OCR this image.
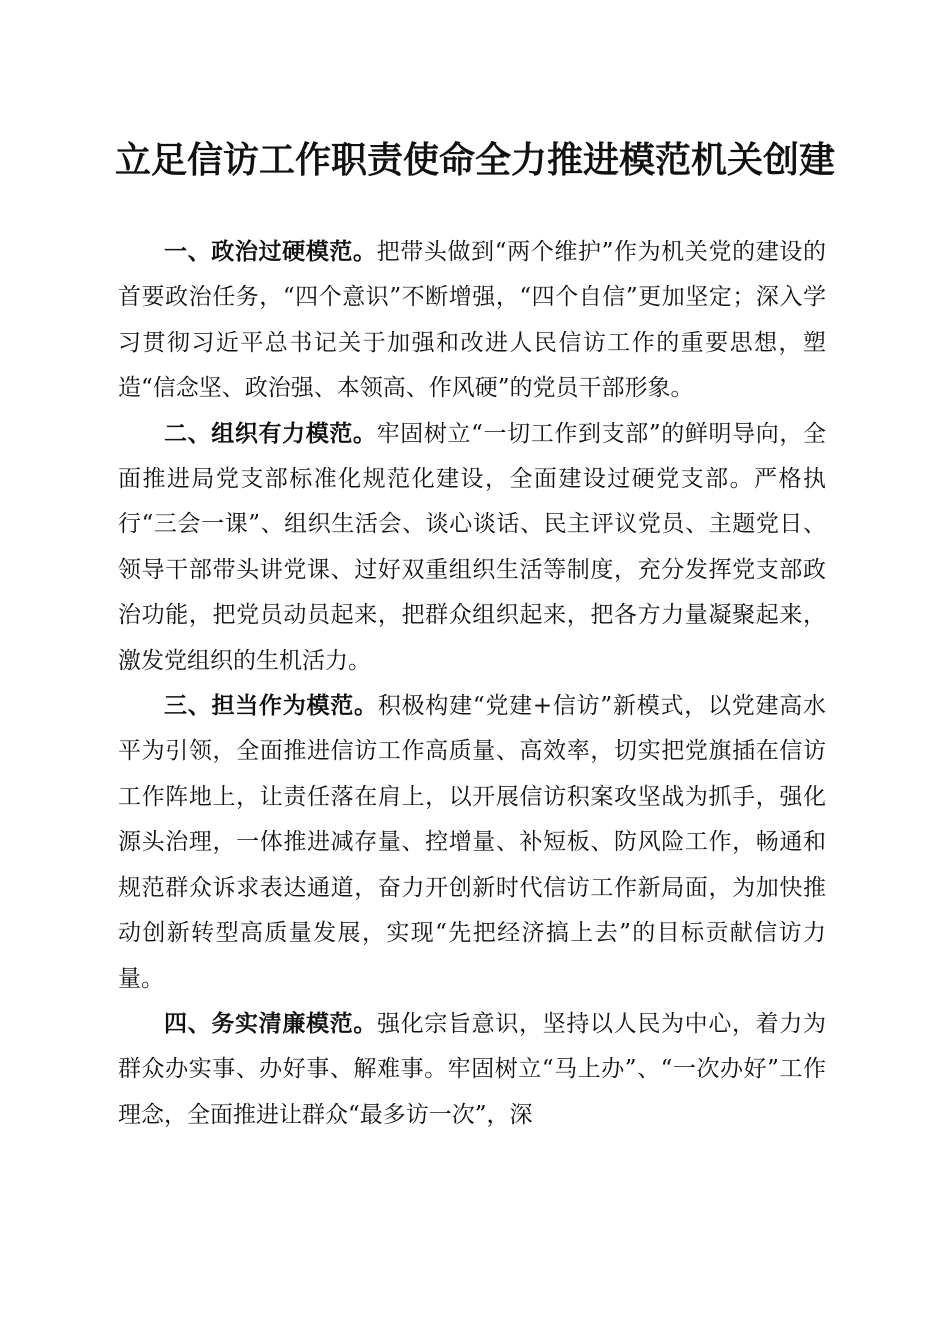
立足信访工作职责使命全力推进模范机关创建

一、政治过硬模范。把带头做到“两个维护”作为机关党的建设的首要政治任务，“四个意识”不断增强，“四个自信”更加坚定；深入学习贯彻习近平总书记关于加强和改进人民信访工作的重要思想，塑造“信念坚、政治强、本领高、作风硬”的党员干部形象。

二、组织有力模范。牢固树立“一切工作到支部”的鲜明导向，全面推进局党支部标准化规范化建设，全面建设过硬党支部。严格执行“三会一课”、组织生活会、谈心谈话、民主评议党员、主题党日、领导干部带头讲党课、过好双重组织生活等制度，充分发挥党支部政治功能，把党员动员起来，把群众组织起来，把各方力量凝聚起来，激发党组织的生机活力。

三、担当作为模范。积极构建“党建+信访”新模式，以党建高水平为引领，全面推进信访工作高质量、高效率，切实把党旗插在信访工作阵地上，让责任落在肩上，以开展信访积案攻坚战为抓手，强化源头治理，一体推进减存量、控增量、补短板、防风险工作，畅通和规范群众诉求表达通道，奋力开创新时代信访工作新局面，为加快推动创新转型高质量发展，实现“先把经济搞上去”的目标贡献信访力量。

四、务实清廉模范。强化宗旨意识，坚持以人民为中心，着力为群众办实事、办好事、解难事。牢固树立“马上办”、“一次办好”工作理念，全面推进让群众“最多访一次”，深
